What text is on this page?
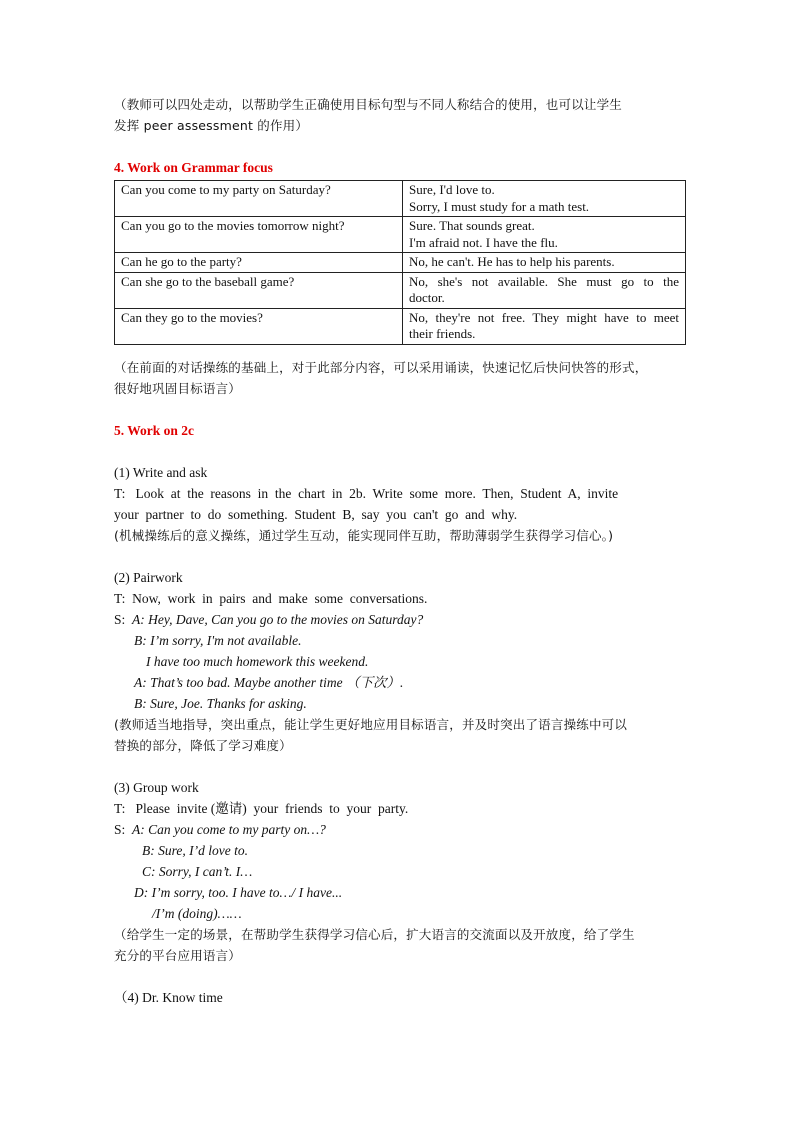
（教师可以四处走动，以帮助学生正确使用目标句型与不同人称结合的使用，也可以让学生

发挥 peer assessment 的作用）

4. Work on Grammar focus

Can you come to my party on Saturday?	Sure, I'd love to.
Sorry, I must study for a math test.
Can you go to the movies tomorrow night?	Sure. That sounds great.
I'm afraid not. I have the flu.
Can he go to the party?	No, he can't. He has to help his parents.
Can she go to the baseball game?	No, she's not available. She must go to the
doctor.

Can they go to the movies?	No, they're not free. They might have to meet
their friends.

（在前面的对话操练的基础上，对于此部分内容，可以采用诵读，快速记忆后快问快答的形式，

很好地巩固目标语言）

5. Work on 2c

(1) Write and ask

T:   Look  at  the  reasons  in  the  chart  in  2b.  Write  some  more.  Then,  Student  A,  invite

your  partner  to  do  something.  Student  B,  say  you  can't  go  and  why.

(机械操练后的意义操练，通过学生互动，能实现同伴互助，帮助薄弱学生获得学习信心。)

(2) Pairwork

T:  Now,  work  in  pairs  and  make  some  conversations.

S: A: Hey, Dave, Can you go to the movies on Saturday?

B: I’m sorry, I'm not available.

I have too much homework this weekend.

A: That’s too bad. Maybe another time （下次）.

B: Sure, Joe. Thanks for asking.

(教师适当地指导，突出重点，能让学生更好地应用目标语言，并及时突出了语言操练中可以

替换的部分，降低了学习难度）

(3) Group work

T:   Please  invite (邀请)  your  friends  to  your  party.

S: A: Can you come to my party on…?

B: Sure, I’d love to.

C: Sorry, I can’t. I…

D: I’m sorry, too. I have to…/ I have...

/I’m (doing)……

（给学生一定的场景，在帮助学生获得学习信心后，扩大语言的交流面以及开放度，给了学生

充分的平台应用语言）

（4) Dr. Know time
